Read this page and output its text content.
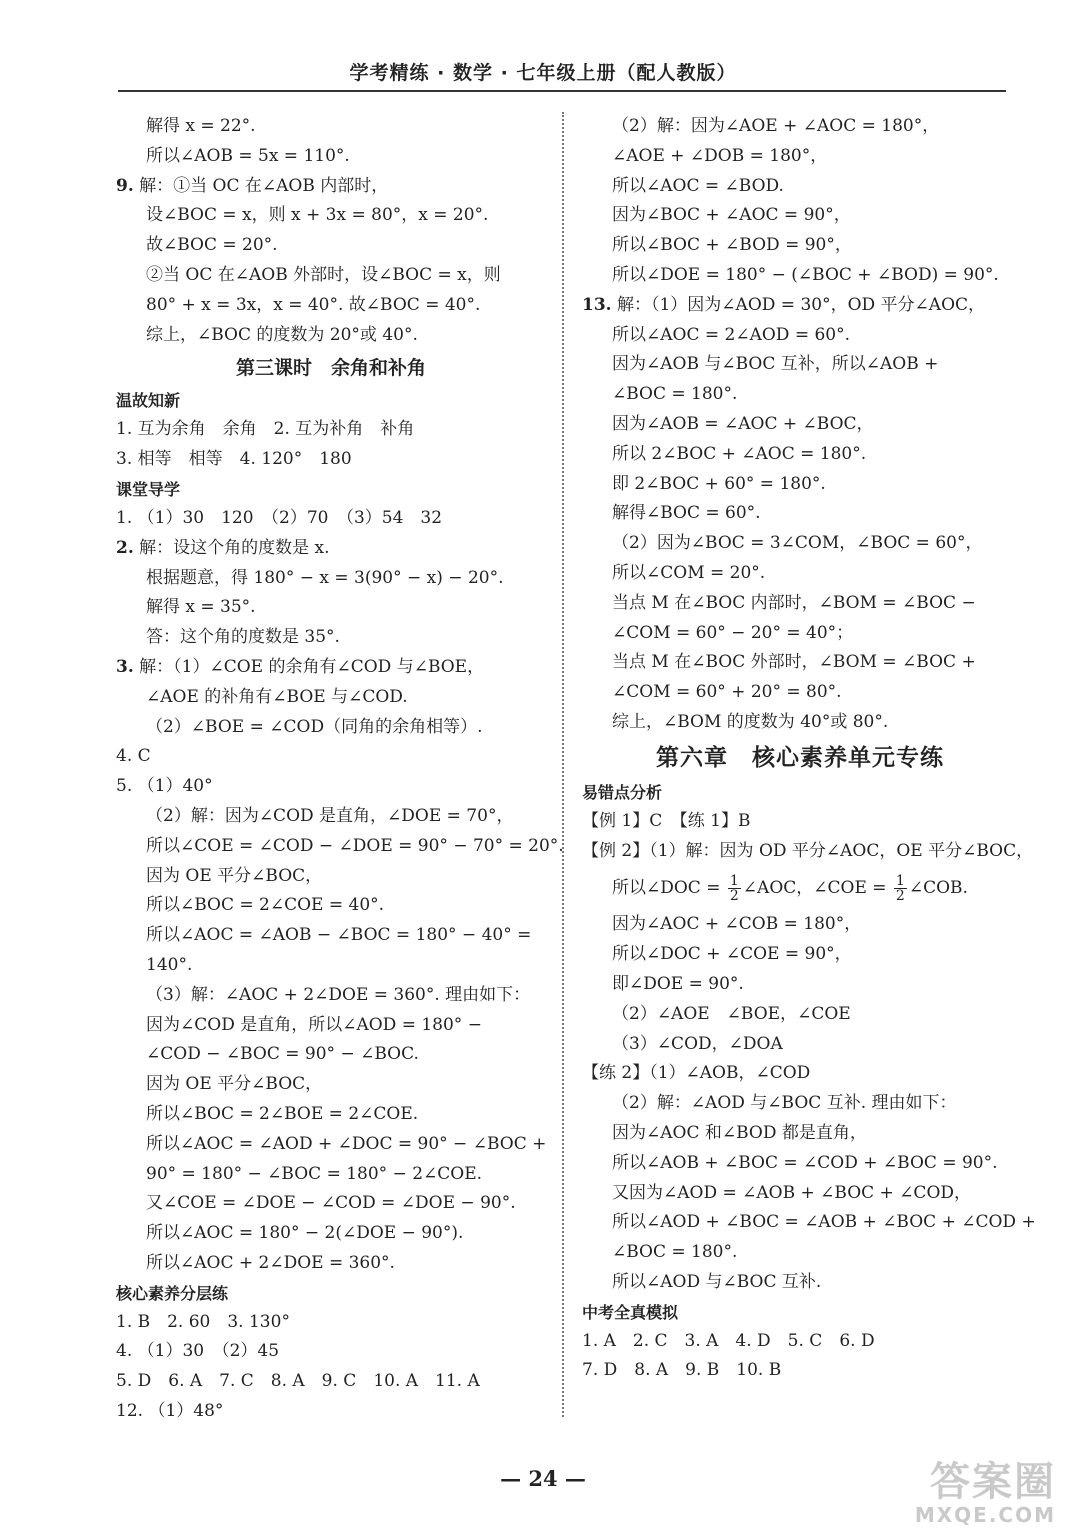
学考精练 · 数学 · 七年级上册（配人教版）
解得 x = 22°.
所以∠AOB = 5x = 110°.
9. 解：①当 OC 在∠AOB 内部时，
设∠BOC = x，则 x + 3x = 80°，x = 20°.
故∠BOC = 20°.
②当 OC 在∠AOB 外部时，设∠BOC = x，则
80° + x = 3x，x = 40°. 故∠BOC = 40°.
综上，∠BOC 的度数为 20°或 40°.
第三课时　余角和补角
温故知新
1. 互为余角　余角　2. 互为补角　补角
3. 相等　相等　4. 120°　180
课堂导学
1. （1）30　120　（2）70　（3）54　32
2. 解：设这个角的度数是 x.
根据题意，得 180° − x = 3(90° − x) − 20°.
解得 x = 35°.
答：这个角的度数是 35°.
3. 解：（1）∠COE 的余角有∠COD 与∠BOE，
∠AOE 的补角有∠BOE 与∠COD.
（2）∠BOE = ∠COD（同角的余角相等）.
4. C
5. （1）40°
（2）解：因为∠COD 是直角，∠DOE = 70°，
所以∠COE = ∠COD − ∠DOE = 90° − 70° = 20°.
因为 OE 平分∠BOC，
所以∠BOC = 2∠COE = 40°.
所以∠AOC = ∠AOB − ∠BOC = 180° − 40° =
140°.
（3）解：∠AOC + 2∠DOE = 360°. 理由如下：
因为∠COD 是直角，所以∠AOD = 180° −
∠COD − ∠BOC = 90° − ∠BOC.
因为 OE 平分∠BOC，
所以∠BOC = 2∠BOE = 2∠COE.
所以∠AOC = ∠AOD + ∠DOC = 90° − ∠BOC +
90° = 180° − ∠BOC = 180° − 2∠COE.
又∠COE = ∠DOE − ∠COD = ∠DOE − 90°.
所以∠AOC = 180° − 2(∠DOE − 90°).
所以∠AOC + 2∠DOE = 360°.
核心素养分层练
1. B　2. 60　3. 130°
4. （1）30　（2）45
5. D　6. A　7. C　8. A　9. C　10. A　11. A
12. （1）48°
（2）解：因为∠AOE + ∠AOC = 180°，
∠AOE + ∠DOB = 180°，
所以∠AOC = ∠BOD.
因为∠BOC + ∠AOC = 90°，
所以∠BOC + ∠BOD = 90°，
所以∠DOE = 180° − (∠BOC + ∠BOD) = 90°.
13. 解：（1）因为∠AOD = 30°，OD 平分∠AOC，
所以∠AOC = 2∠AOD = 60°.
因为∠AOB 与∠BOC 互补，所以∠AOB +
∠BOC = 180°.
因为∠AOB = ∠AOC + ∠BOC，
所以 2∠BOC + ∠AOC = 180°.
即 2∠BOC + 60° = 180°.
解得∠BOC = 60°.
（2）因为∠BOC = 3∠COM，∠BOC = 60°，
所以∠COM = 20°.
当点 M 在∠BOC 内部时，∠BOM = ∠BOC −
∠COM = 60° − 20° = 40°；
当点 M 在∠BOC 外部时，∠BOM = ∠BOC +
∠COM = 60° + 20° = 80°.
综上，∠BOM 的度数为 40°或 80°.
第六章　核心素养单元专练
易错点分析
【例 1】C　【练 1】B
【例 2】（1）解：因为 OD 平分∠AOC，OE 平分∠BOC，
所以∠DOC = $\frac{1}{2}$ ∠AOC，∠COE = $\frac{1}{2}$ ∠COB.
因为∠AOC + ∠COB = 180°，
所以∠DOC + ∠COE = 90°，
即∠DOE = 90°.
（2）∠AOE　∠BOE，∠COE
（3）∠COD，∠DOA
【练 2】（1）∠AOB，∠COD
（2）解：∠AOD 与∠BOC 互补. 理由如下：
因为∠AOC 和∠BOD 都是直角，
所以∠AOB + ∠BOC = ∠COD + ∠BOC = 90°.
又因为∠AOD = ∠AOB + ∠BOC + ∠COD，
所以∠AOD + ∠BOC = ∠AOB + ∠BOC + ∠COD +
∠BOC = 180°.
所以∠AOD 与∠BOC 互补.
中考全真模拟
1. A　2. C　3. A　4. D　5. C　6. D
7. D　8. A　9. B　10. B
— 24 —	答案圈
MXQE.COM
